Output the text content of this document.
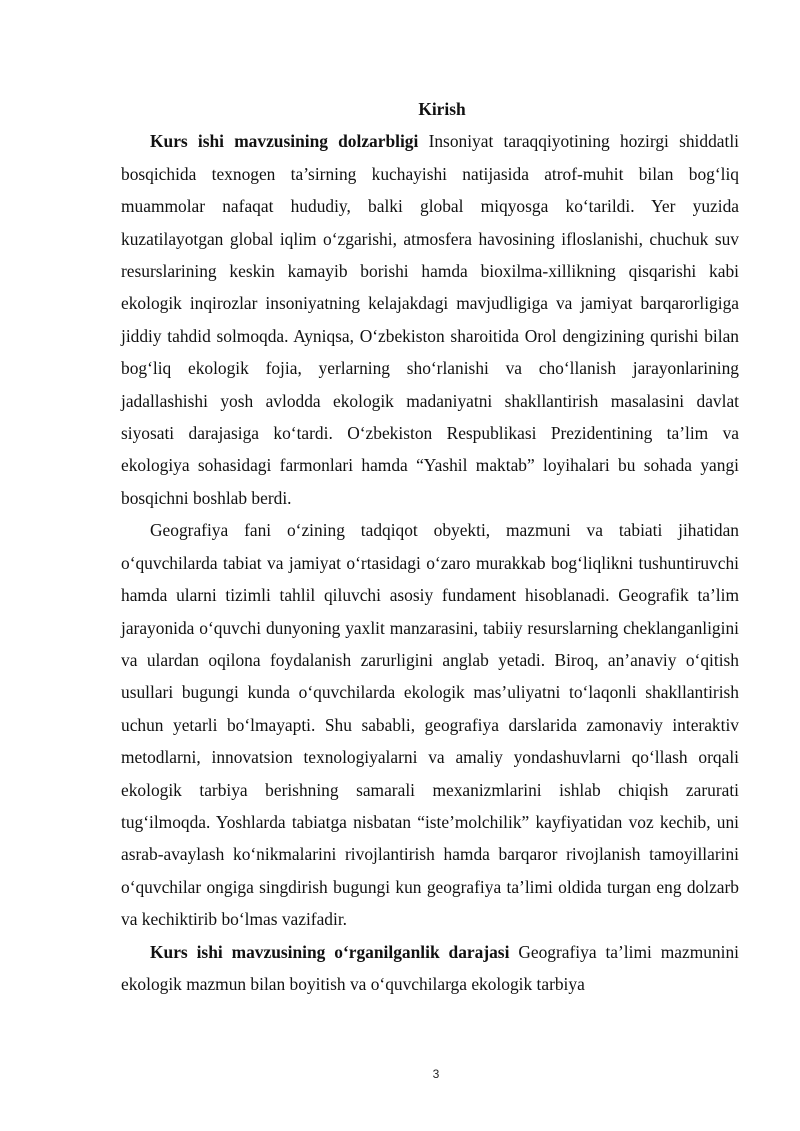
Kirish

Kurs ishi mavzusining dolzarbligi Insoniyat taraqqiyotining hozirgi shiddatli bosqichida texnogen ta’sirning kuchayishi natijasida atrof-muhit bilan bog‘liq muammolar nafaqat hududiy, balki global miqyosga ko‘tarildi. Yer yuzida kuzatilayotgan global iqlim o‘zgarishi, atmosfera havosining ifloslanishi, chuchuk suv resurslarining keskin kamayib borishi hamda bioxilma-xillikning qisqarishi kabi ekologik inqirozlar insoniyatning kelajakdagi mavjudligiga va jamiyat barqarorligiga jiddiy tahdid solmoqda. Ayniqsa, O‘zbekiston sharoitida Orol dengizining qurishi bilan bog‘liq ekologik fojia, yerlarning sho‘rlanishi va cho‘llanish jarayonlarining jadallashishi yosh avlodda ekologik madaniyatni shakllantirish masalasini davlat siyosati darajasiga ko‘tardi. O‘zbekiston Respublikasi Prezidentining ta’lim va ekologiya sohasidagi farmonlari hamda “Yashil maktab” loyihalari bu sohada yangi bosqichni boshlab berdi.

Geografiya fani o‘zining tadqiqot obyekti, mazmuni va tabiati jihatidan o‘quvchilarda tabiat va jamiyat o‘rtasidagi o‘zaro murakkab bog‘liqlikni tushuntiruvchi hamda ularni tizimli tahlil qiluvchi asosiy fundament hisoblanadi. Geografik ta’lim jarayonida o‘quvchi dunyoning yaxlit manzarasini, tabiiy resurslarning cheklanganligini va ulardan oqilona foydalanish zarurligini anglab yetadi. Biroq, an’anaviy o‘qitish usullari bugungi kunda o‘quvchilarda ekologik mas’uliyatni to‘laqonli shakllantirish uchun yetarli bo‘lmayapti. Shu sababli, geografiya darslarida zamonaviy interaktiv metodlarni, innovatsion texnologiyalarni va amaliy yondashuvlarni qo‘llash orqali ekologik tarbiya berishning samarali mexanizmlarini ishlab chiqish zarurati tug‘ilmoqda. Yoshlarda tabiatga nisbatan “iste’molchilik” kayfiyatidan voz kechib, uni asrab-avaylash ko‘nikmalarini rivojlantirish hamda barqaror rivojlanish tamoyillarini o‘quvchilar ongiga singdirish bugungi kun geografiya ta’limi oldida turgan eng dolzarb va kechiktirib bo‘lmas vazifadir.

Kurs ishi mavzusining o‘rganilganlik darajasi Geografiya ta’limi mazmunini ekologik mazmun bilan boyitish va o‘quvchilarga ekologik tarbiya

3
